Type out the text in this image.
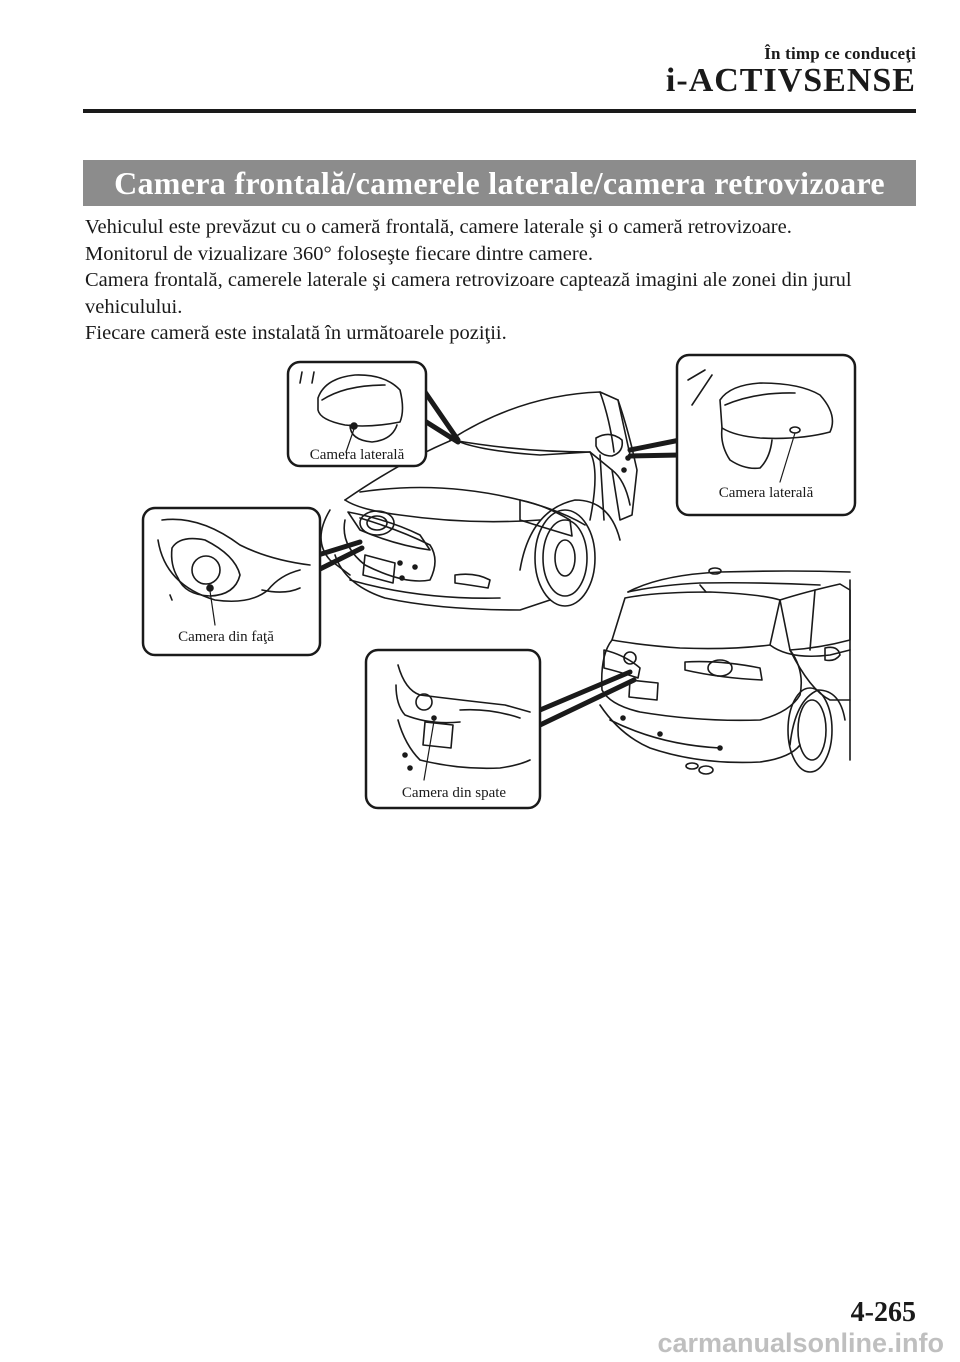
În timp ce conduceţi
i-ACTIVSENSE
Camera frontală/camerele laterale/camera retrovizoare

Vehiculul este prevăzut cu o cameră frontală, camere laterale şi o cameră retrovizoare.

Monitorul de vizualizare 360° foloseşte fiecare dintre camere.

Camera frontală, camerele laterale şi camera retrovizoare captează imagini ale zonei din jurul vehiculului.

Fiecare cameră este instalată în următoarele poziţii.

Camera laterală
Camera laterală
Camera din faţă
Camera din spate
4-265
carmanualsonline.info
